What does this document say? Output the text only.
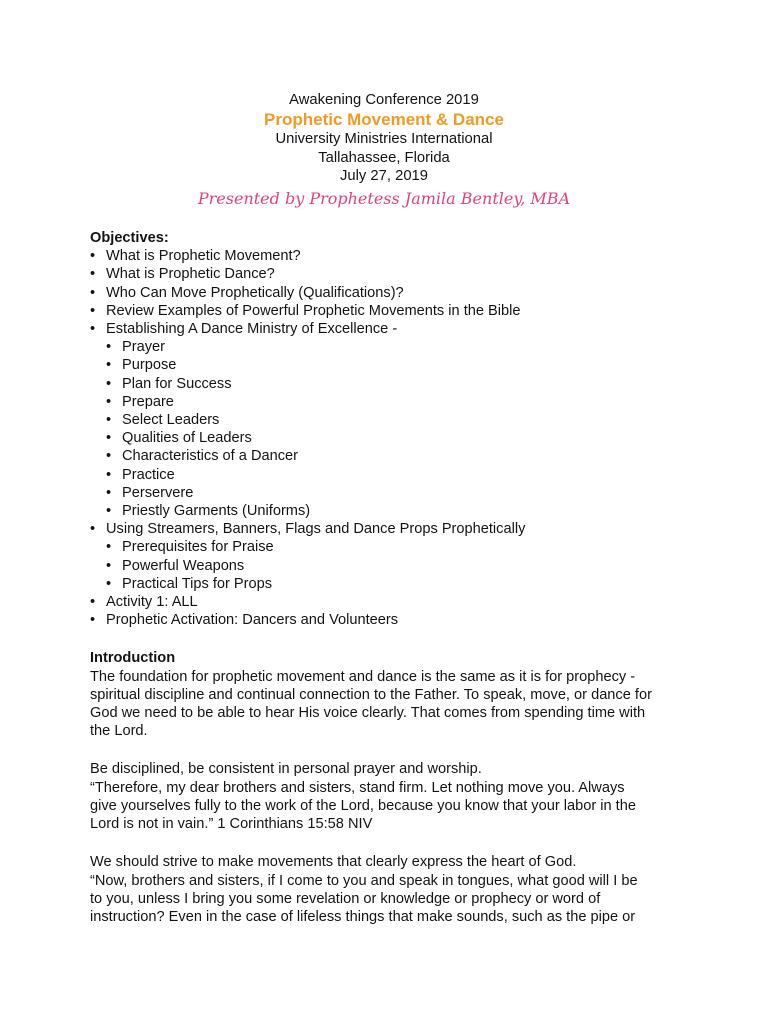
Awakening Conference 2019
Prophetic Movement & Dance
University Ministries International
Tallahassee, Florida
July 27, 2019
Presented by Prophetess Jamila Bentley, MBA
Objectives:
• What is Prophetic Movement?
• What is Prophetic Dance?
• Who Can Move Prophetically (Qualifications)?
• Review Examples of Powerful Prophetic Movements in the Bible
• Establishing A Dance Ministry of Excellence -
• Prayer
• Purpose
• Plan for Success
• Prepare
• Select Leaders
• Qualities of Leaders
• Characteristics of a Dancer
• Practice
• Perservere
• Priestly Garments (Uniforms)
• Using Streamers, Banners, Flags and Dance Props Prophetically
• Prerequisites for Praise
• Powerful Weapons
• Practical Tips for Props
• Activity 1: ALL
• Prophetic Activation: Dancers and Volunteers
Introduction

The foundation for prophetic movement and dance is the same as it is for prophecy -
spiritual discipline and continual connection to the Father. To speak, move, or dance for
God we need to be able to hear His voice clearly. That comes from spending time with
the Lord.

Be disciplined, be consistent in personal prayer and worship.
“Therefore, my dear brothers and sisters, stand firm. Let nothing move you. Always
give yourselves fully to the work of the Lord, because you know that your labor in the
Lord is not in vain.” 1 Corinthians 15:58 NIV

We should strive to make movements that clearly express the heart of God.
“Now, brothers and sisters, if I come to you and speak in tongues, what good will I be
to you, unless I bring you some revelation or knowledge or prophecy or word of
instruction? Even in the case of lifeless things that make sounds, such as the pipe or
